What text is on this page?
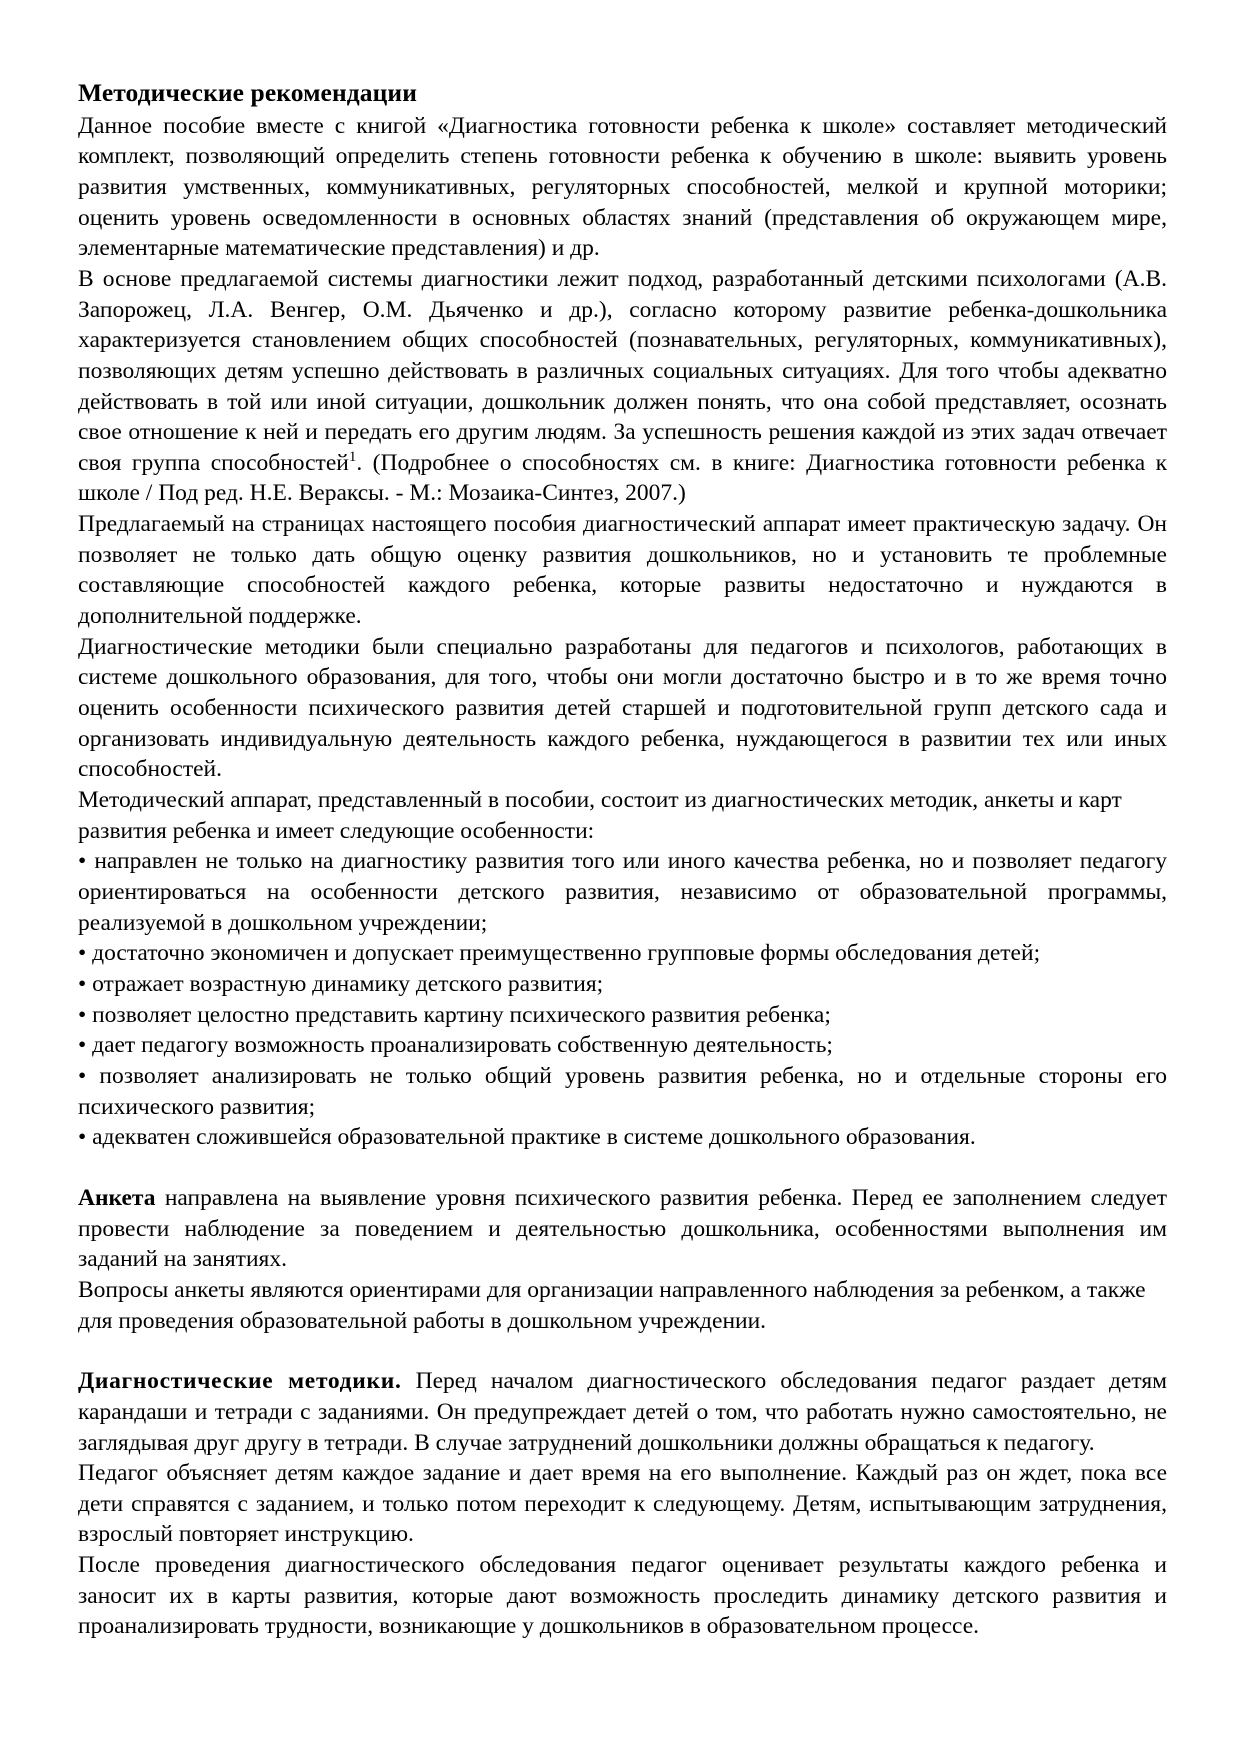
Методические рекомендации

Данное пособие вместе с книгой «Диагностика готовности ребенка к школе» составляет методический комплект, позволяющий определить степень готовности ребенка к обучению в школе: выявить уровень развития умственных, коммуникативных, регуляторных способностей, мелкой и крупной моторики; оценить уровень осведомленности в основных областях знаний (представления об окружающем мире, элементарные математические представления) и др.

В основе предлагаемой системы диагностики лежит подход, разработанный детскими психологами (А.В. Запорожец, Л.А. Венгер, О.М. Дьяченко и др.), согласно которому развитие ребенка-дошкольника характеризуется становлением общих способностей (познавательных, регуляторных, коммуникативных), позволяющих детям успешно действовать в различных социальных ситуациях. Для того чтобы адекватно действовать в той или иной ситуации, дошкольник должен понять, что она собой представляет, осознать свое отношение к ней и передать его другим людям. За успешность решения каждой из этих задач отвечает своя группа способностей$^1$. (Подробнее о способностях см. в книге: Диагностика готовности ребенка к школе / Под ред. Н.Е. Вераксы. - М.: Мозаика-Синтез, 2007.)

Предлагаемый на страницах настоящего пособия диагностический аппарат имеет практическую задачу. Он позволяет не только дать общую оценку развития дошкольников, но и установить те проблемные составляющие способностей каждого ребенка, которые развиты недостаточно и нуждаются в дополнительной поддержке.

Диагностические методики были специально разработаны для педагогов и психологов, работающих в системе дошкольного образования, для того, чтобы они могли достаточно быстро и в то же время точно оценить особенности психического развития детей старшей и подготовительной групп детского сада и организовать индивидуальную деятельность каждого ребенка, нуждающегося в развитии тех или иных способностей.

Методический аппарат, представленный в пособии, состоит из диагностических методик, анкеты и карт развития ребенка и имеет следующие особенности:

• направлен не только на диагностику развития того или иного качества ребенка, но и позволяет педагогу ориентироваться на особенности детского развития, независимо от образовательной программы, реализуемой в дошкольном учреждении;

• достаточно экономичен и допускает преимущественно групповые формы обследования детей;

• отражает возрастную динамику детского развития;

• позволяет целостно представить картину психического развития ребенка;

• дает педагогу возможность проанализировать собственную деятельность;

• позволяет анализировать не только общий уровень развития ребенка, но и отдельные стороны его психического развития;

• адекватен сложившейся образовательной практике в системе дошкольного образования.

Анкета направлена на выявление уровня психического развития ребенка. Перед ее заполнением следует провести наблюдение за поведением и деятельностью дошкольника, особенностями выполнения им заданий на занятиях.

Вопросы анкеты являются ориентирами для организации направленного наблюдения за ребенком, а также для проведения образовательной работы в дошкольном учреждении.

Диагностические методики. Перед началом диагностического обследования педагог раздает детям карандаши и тетради с заданиями. Он предупреждает детей о том, что работать нужно самостоятельно, не заглядывая друг другу в тетради. В случае затруднений дошкольники должны обращаться к педагогу.

Педагог объясняет детям каждое задание и дает время на его выполнение. Каждый раз он ждет, пока все дети справятся с заданием, и только потом переходит к следующему. Детям, испытывающим затруднения, взрослый повторяет инструкцию.

После проведения диагностического обследования педагог оценивает результаты каждого ребенка и заносит их в карты развития, которые дают возможность проследить динамику детского развития и проанализировать трудности, возникающие у дошкольников в образовательном процессе.
